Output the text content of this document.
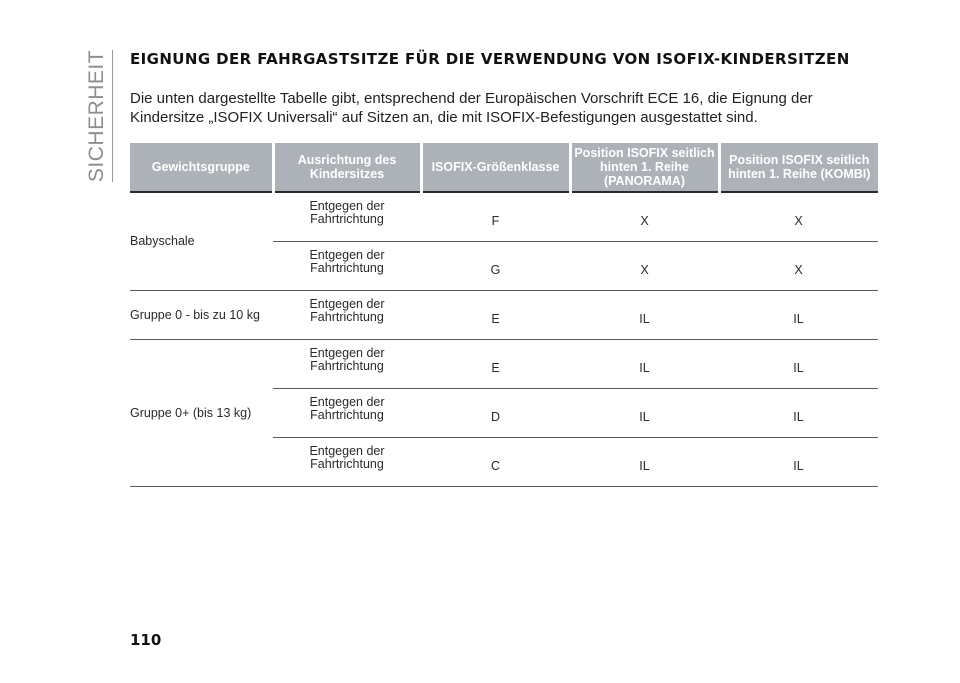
SICHERHEIT EIGNUNG DER FAHRGASTSITZE FÜR DIE VERWENDUNG VON ISOFIX-KINDERSITZEN

Die unten dargestellte Tabelle gibt, entsprechend der Europäischen Vorschrift ECE 16, die Eignung der Kindersitze „ISOFIX Universali“ auf Sitzen an, die mit ISOFIX-Befestigungen ausgestattet sind.

Gewichtsgruppe	Ausrichtung des Kindersitzes	ISOFIX-Größenklasse	Position ISOFIX seitlich hinten 1. Reihe (PANORAMA)	Position ISOFIX seitlich hinten 1. Reihe (KOMBI)
Babyschale	Entgegen der Fahrtrichtung	F	X	X
	Entgegen der Fahrtrichtung	G	X	X
Gruppe 0 - bis zu 10 kg	Entgegen der Fahrtrichtung	E	IL	IL
Gruppe 0+ (bis 13 kg)	Entgegen der Fahrtrichtung	E	IL	IL
	Entgegen der Fahrtrichtung	D	IL	IL
	Entgegen der Fahrtrichtung	C	IL	IL
110
